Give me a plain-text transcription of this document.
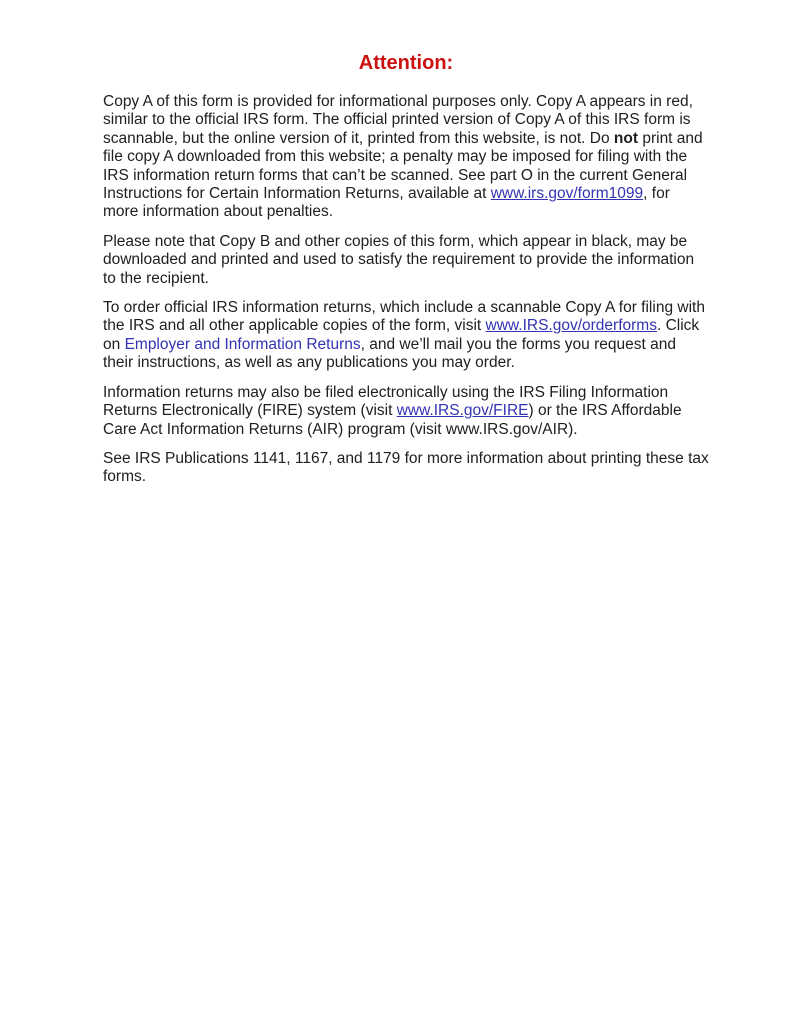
Attention:

Copy A of this form is provided for informational purposes only. Copy A appears in red, similar to the official IRS form. The official printed version of Copy A of this IRS form is scannable, but the online version of it, printed from this website, is not. Do not print and file copy A downloaded from this website; a penalty may be imposed for filing with the IRS information return forms that can’t be scanned. See part O in the current General Instructions for Certain Information Returns, available at www.irs.gov/form1099, for more information about penalties.

Please note that Copy B and other copies of this form, which appear in black, may be downloaded and printed and used to satisfy the requirement to provide the information to the recipient.

To order official IRS information returns, which include a scannable Copy A for filing with the IRS and all other applicable copies of the form, visit www.IRS.gov/orderforms. Click on Employer and Information Returns, and we’ll mail you the forms you request and their instructions, as well as any publications you may order.

Information returns may also be filed electronically using the IRS Filing Information Returns Electronically (FIRE) system (visit www.IRS.gov/FIRE) or the IRS Affordable Care Act Information Returns (AIR) program (visit www.IRS.gov/AIR).

See IRS Publications 1141, 1167, and 1179 for more information about printing these tax forms.
